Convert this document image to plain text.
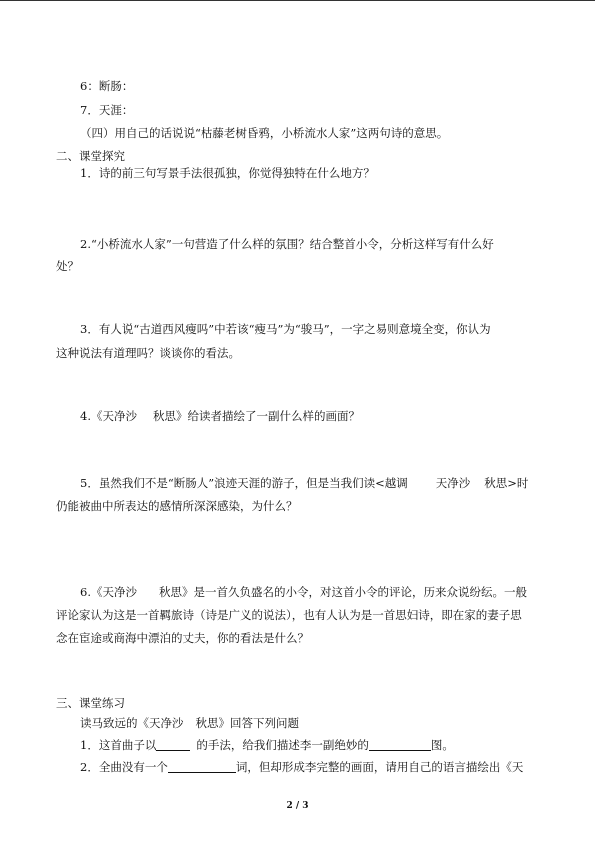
6：断肠：
7．天涯：
（四）用自己的话说说“枯藤老树昏鸦，小桥流水人家”这两句诗的意思。
二、课堂探究
1．诗的前三句写景手法很孤独，你觉得独特在什么地方？
2.“小桥流水人家”一句营造了什么样的氛围？结合整首小令，分析这样写有什么好
处？
3．有人说“古道西风瘦吗”中若该“瘦马”为“骏马”，一字之易则意境全变，你认为
这种说法有道理吗？谈谈你的看法。
4.《天净沙 秋思》给读者描绘了一副什么样的画面？
5．虽然我们不是“断肠人”浪迹天涯的游子，但是当我们读<越调 天净沙 秋思>时
仍能被曲中所表达的感情所深深感染，为什么？
6.《天净沙 秋思》是一首久负盛名的小令，对这首小令的评论，历来众说纷纭。一般
评论家认为这是一首羁旅诗（诗是广义的说法），也有人认为是一首思妇诗，即在家的妻子思
念在宦途或商海中漂泊的丈夫，你的看法是什么？
三、课堂练习
读马致远的《天净沙 秋思》回答下列问题
1．这首曲子以	的手法，给我们描述李一副绝妙的	图。
2．全曲没有一个	词，但却形成李完整的画面，请用自己的语言描绘出《天
2 / 3
